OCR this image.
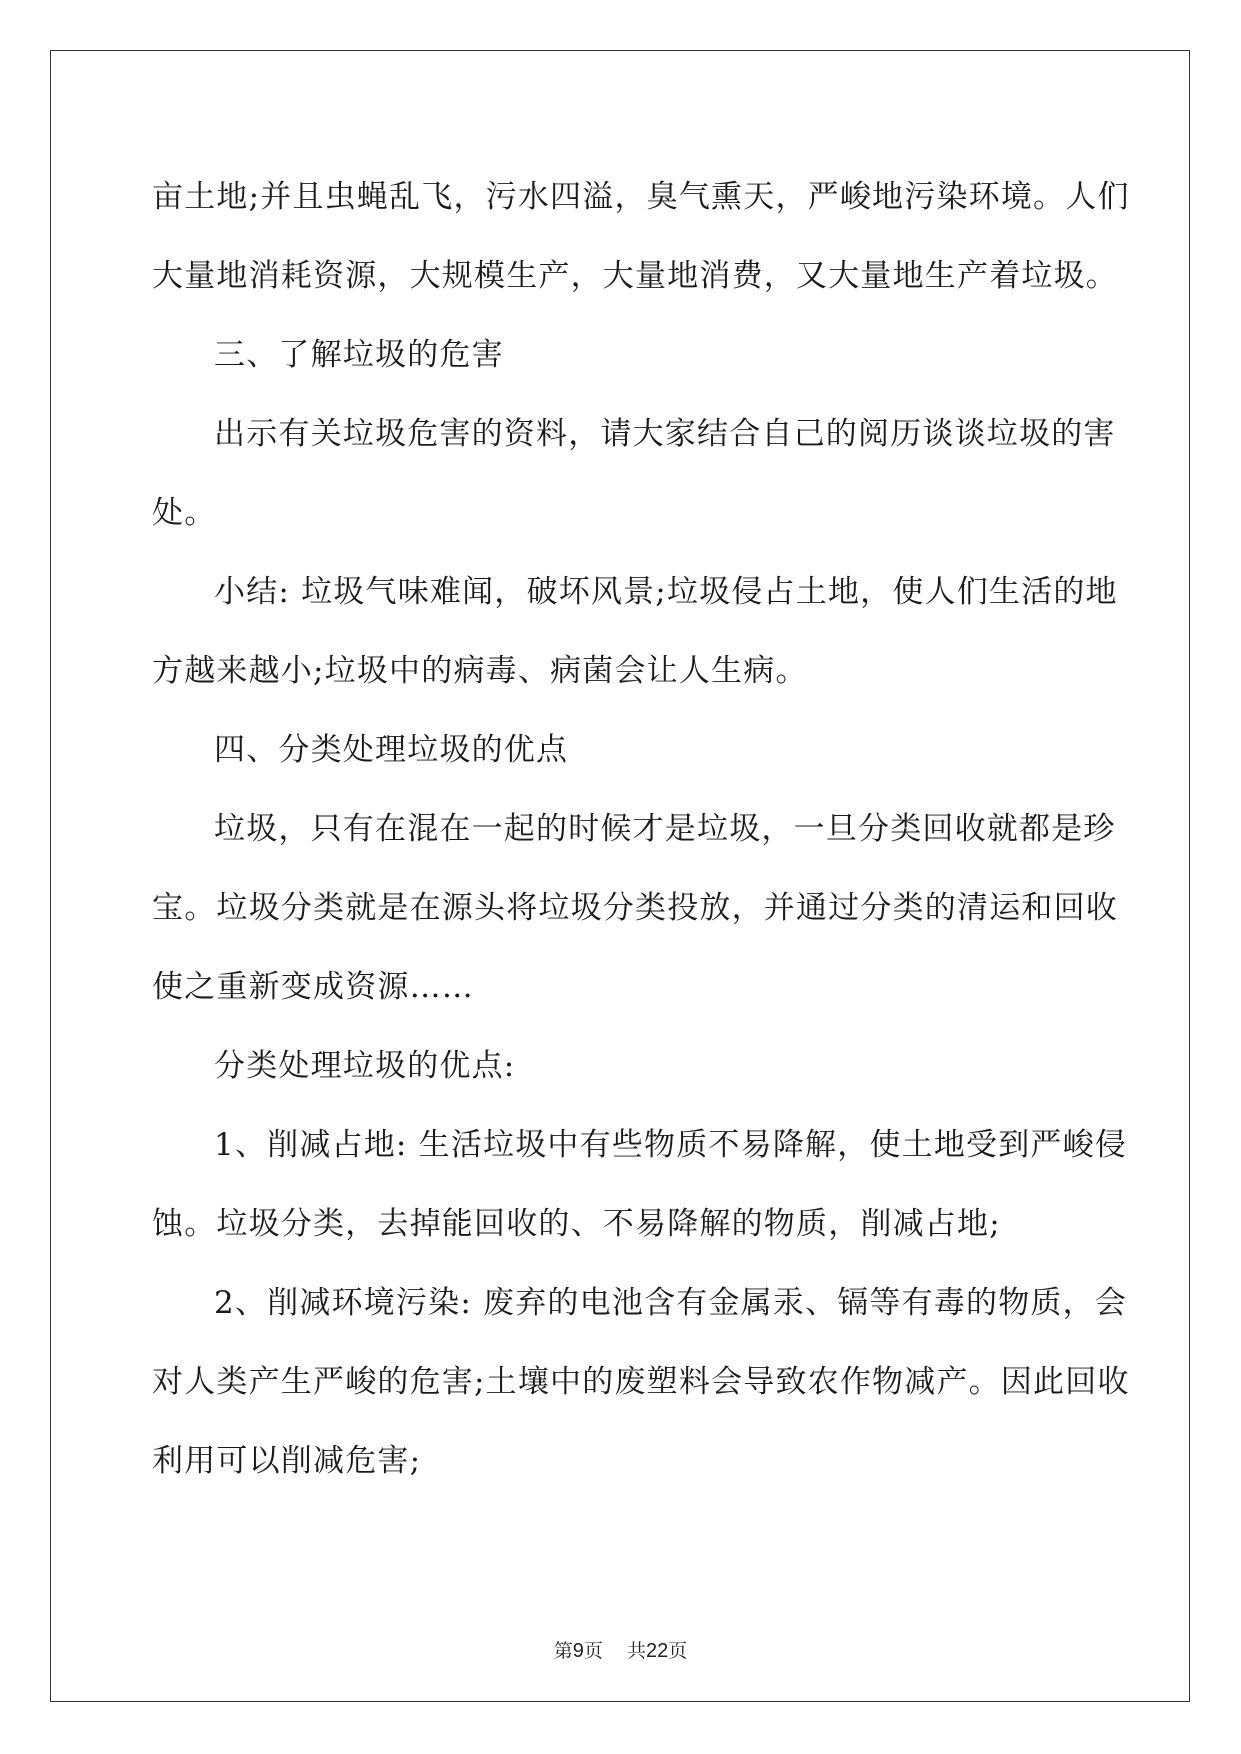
亩土地;并且虫蝇乱飞，污水四溢，臭气熏天，严峻地污染环境。人们
大量地消耗资源，大规模生产，大量地消费，又大量地生产着垃圾。

三、了解垃圾的危害

出示有关垃圾危害的资料，请大家结合自己的阅历谈谈垃圾的害
处。

小结: 垃圾气味难闻，破坏风景;垃圾侵占土地，使人们生活的地
方越来越小;垃圾中的病毒、病菌会让人生病。

四、分类处理垃圾的优点

垃圾，只有在混在一起的时候才是垃圾，一旦分类回收就都是珍
宝。垃圾分类就是在源头将垃圾分类投放，并通过分类的清运和回收
使之重新变成资源……

分类处理垃圾的优点:

1、削减占地: 生活垃圾中有些物质不易降解，使土地受到严峻侵
蚀。垃圾分类，去掉能回收的、不易降解的物质，削减占地;

2、削减环境污染: 废弃的电池含有金属汞、镉等有毒的物质，会
对人类产生严峻的危害;土壤中的废塑料会导致农作物减产。因此回收
利用可以削减危害;

第9页 共22页
